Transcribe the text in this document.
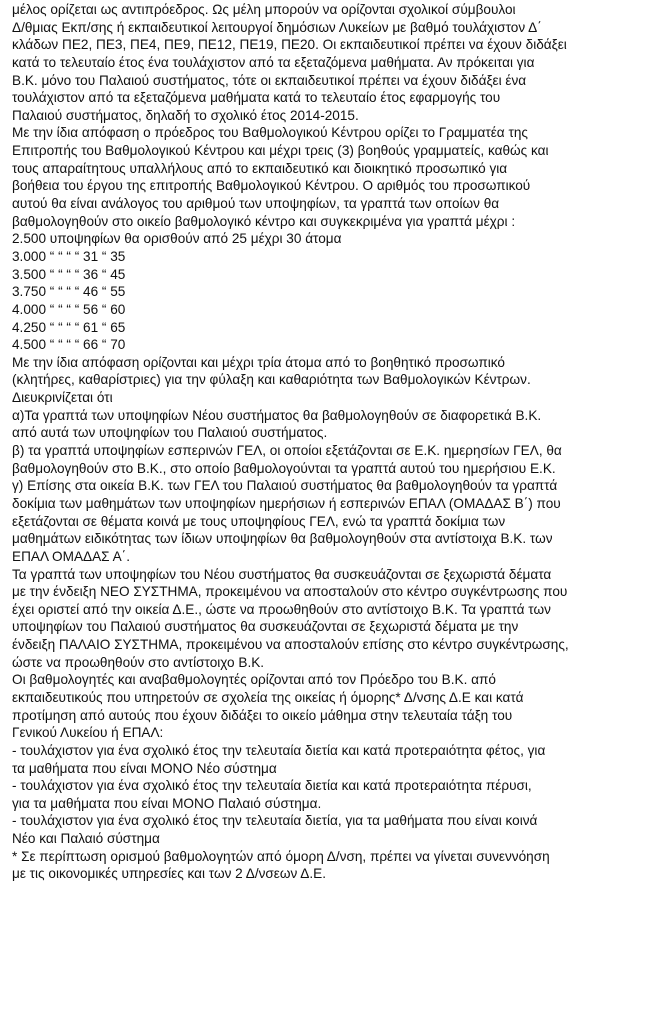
μέλος ορίζεται ως αντιπρόεδρος. Ως μέλη μπορούν να ορίζονται σχολικοί σύμβουλοι
Δ/θμιας Εκπ/σης ή εκπαιδευτικοί λειτουργοί δημόσιων Λυκείων με βαθμό τουλάχιστον Δ΄
κλάδων ΠΕ2, ΠΕ3, ΠΕ4, ΠΕ9, ΠΕ12, ΠΕ19, ΠΕ20. Οι εκπαιδευτικοί πρέπει να έχουν διδάξει
κατά το τελευταίο έτος ένα τουλάχιστον από τα εξεταζόμενα μαθήματα. Αν πρόκειται για
Β.Κ. μόνο του Παλαιού συστήματος, τότε οι εκπαιδευτικοί πρέπει να έχουν διδάξει ένα
τουλάχιστον από τα εξεταζόμενα μαθήματα κατά το τελευταίο έτος εφαρμογής του
Παλαιού συστήματος, δηλαδή το σχολικό έτος 2014-2015.
Με την ίδια απόφαση ο πρόεδρος του Βαθμολογικού Κέντρου ορίζει το Γραμματέα της
Επιτροπής του Βαθμολογικού Κέντρου και μέχρι τρεις (3) βοηθούς γραμματείς, καθώς και
τους απαραίτητους υπαλλήλους από το εκπαιδευτικό και διοικητικό προσωπικό για
βοήθεια του έργου της επιτροπής Βαθμολογικού Κέντρου. Ο αριθμός του προσωπικού
αυτού θα είναι ανάλογος του αριθμού των υποψηφίων, τα γραπτά των οποίων θα
βαθμολογηθούν στο οικείο βαθμολογικό κέντρο και συγκεκριμένα για γραπτά μέχρι :
2.500 υποψηφίων θα ορισθούν από 25 μέχρι 30 άτομα
3.000 “ “ “ “ 31 “ 35
3.500 “ “ “ “ 36 “ 45
3.750 “ “ “ “ 46 “ 55
4.000 “ “ “ “ 56 “ 60
4.250 “ “ “ “ 61 “ 65
4.500 “ “ “ “ 66 “ 70
Με την ίδια απόφαση ορίζονται και μέχρι τρία άτομα από το βοηθητικό προσωπικό
(κλητήρες, καθαρίστριες) για την φύλαξη και καθαριότητα των Βαθμολογικών Κέντρων.
Διευκρινίζεται ότι
α)Τα γραπτά των υποψηφίων Νέου συστήματος θα βαθμολογηθούν σε διαφορετικά Β.Κ.
από αυτά των υποψηφίων του Παλαιού συστήματος.
β) τα γραπτά υποψηφίων εσπερινών ΓΕΛ, οι οποίοι εξετάζονται σε Ε.Κ. ημερησίων ΓΕΛ, θα
βαθμολογηθούν στο Β.Κ., στο οποίο βαθμολογούνται τα γραπτά αυτού του ημερήσιου Ε.Κ.
γ) Επίσης στα οικεία Β.Κ. των ΓΕΛ του Παλαιού συστήματος θα βαθμολογηθούν τα γραπτά
δοκίμια των μαθημάτων των υποψηφίων ημερήσιων ή εσπερινών ΕΠΑΛ (ΟΜΑΔΑΣ Β΄) που
εξετάζονται σε θέματα κοινά με τους υποψηφίους ΓΕΛ, ενώ τα γραπτά δοκίμια των
μαθημάτων ειδικότητας των ίδιων υποψηφίων θα βαθμολογηθούν στα αντίστοιχα Β.Κ. των
ΕΠΑΛ ΟΜΑΔΑΣ Α΄.
Τα γραπτά των υποψηφίων του Νέου συστήματος θα συσκευάζονται σε ξεχωριστά δέματα
με την ένδειξη ΝΕΟ ΣΥΣΤΗΜΑ, προκειμένου να αποσταλούν στο κέντρο συγκέντρωσης που
έχει οριστεί από την οικεία Δ.Ε., ώστε να προωθηθούν στο αντίστοιχο Β.Κ. Τα γραπτά των
υποψηφίων του Παλαιού συστήματος θα συσκευάζονται σε ξεχωριστά δέματα με την
ένδειξη ΠΑΛΑΙΟ ΣΥΣΤΗΜΑ, προκειμένου να αποσταλούν επίσης στο κέντρο συγκέντρωσης,
ώστε να προωθηθούν στο αντίστοιχο Β.Κ.
Οι βαθμολογητές και αναβαθμολογητές ορίζονται από τον Πρόεδρο του Β.Κ. από
εκπαιδευτικούς που υπηρετούν σε σχολεία της οικείας ή όμορης* Δ/νσης Δ.Ε και κατά
προτίμηση από αυτούς που έχουν διδάξει το οικείο μάθημα στην τελευταία τάξη του
Γενικού Λυκείου ή ΕΠΑΛ:
- τουλάχιστον για ένα σχολικό έτος την τελευταία διετία και κατά προτεραιότητα φέτος, για
τα μαθήματα που είναι ΜΟΝΟ Νέο σύστημα
- τουλάχιστον για ένα σχολικό έτος την τελευταία διετία και κατά προτεραιότητα πέρυσι,
για τα μαθήματα που είναι ΜΟΝΟ Παλαιό σύστημα.
- τουλάχιστον για ένα σχολικό έτος την τελευταία διετία, για τα μαθήματα που είναι κοινά
Νέο και Παλαιό σύστημα
* Σε περίπτωση ορισμού βαθμολογητών από όμορη Δ/νση, πρέπει να γίνεται συνεννόηση
με τις οικονομικές υπηρεσίες και των 2 Δ/νσεων Δ.Ε.
